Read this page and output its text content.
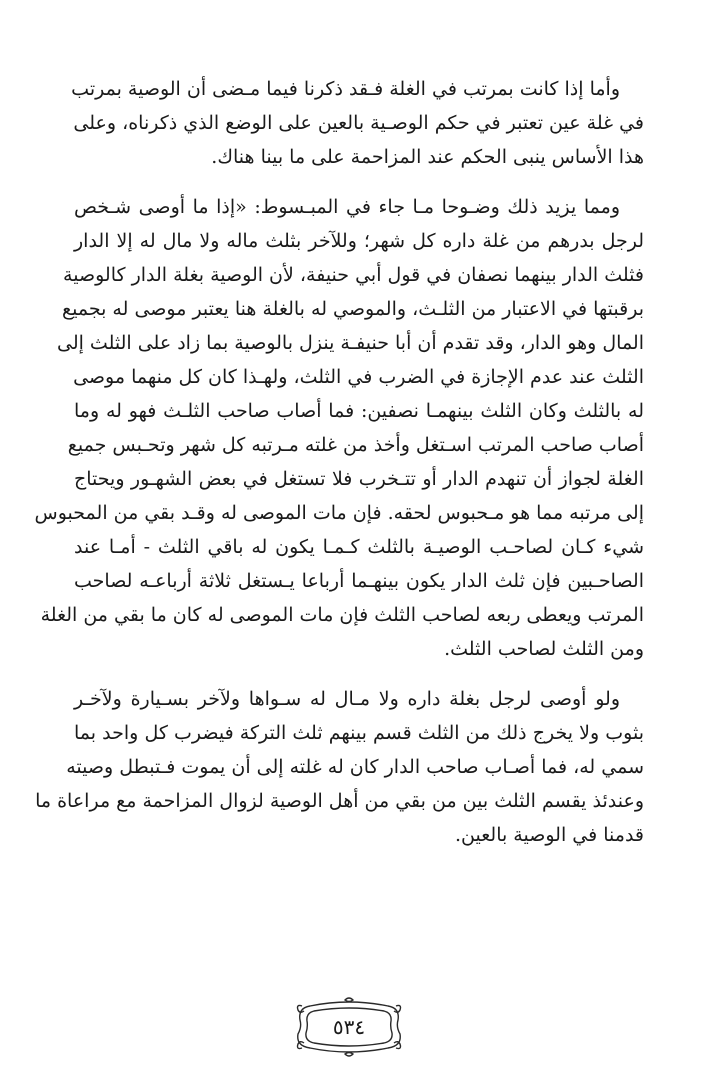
وأما إذا كانت بمرتب في الغلة فـقد ذكرنا فيما مـضى أن الوصية بمرتب
في غلة عين تعتبر في حكم الوصـية بالعين على الوضع الذي ذكرناه، وعلى
هذا الأساس ينبى الحكم عند المزاحمة على ما بينا هناك.
ومما يزيد ذلك وضـوحا مـا جاء في المبـسوط: «إذا ما أوصى شـخص
لرجل بدرهم من غلة داره كل شهر؛ وللآخر بثلث ماله ولا مال له إلا الدار
فثلث الدار بينهما نصفان في قول أبي حنيفة، لأن الوصية بغلة الدار كالوصية
برقبتها في الاعتبار من الثلـث، والموصي له بالغلة هنا يعتبر موصى له بجميع
المال وهو الدار، وقد تقدم أن أبا حنيفـة ينزل بالوصية بما زاد على الثلث إلى
الثلث عند عدم الإجازة في الضرب في الثلث، ولهـذا كان كل منهما موصى
له بالثلث وكان الثلث بينهمـا نصفين: فما أصاب صاحب الثلـث فهو له وما
أصاب صاحب المرتب اسـتغل وأخذ من غلته مـرتبه كل شهر وتحـبس جميع
الغلة لجواز أن تنهدم الدار أو تتـخرب فلا تستغل في بعض الشهـور ويحتاج
إلى مرتبه مما هو مـحبوس لحقه. فإن مات الموصى له وقـد بقي من المحبوس
شيء كـان لصاحـب الوصيـة بالثلث كـمـا يكون له باقي الثلث - أمـا عند
الصاحـبين فإن ثلث الدار يكون بينهـما أرباعا يـستغل ثلاثة أرباعـه لصاحب
المرتب ويعطى ربعه لصاحب الثلث فإن مات الموصى له كان ما بقي من الغلة
ومن الثلث لصاحب الثلث.
ولو أوصى لرجل بغلة داره ولا مـال له سـواها ولآخر بسـيارة ولآخـر
بثوب ولا يخرج ذلك من الثلث قسم بينهم ثلث التركة فيضرب كل واحد بما
سمي له، فما أصـاب صاحب الدار كان له غلته إلى أن يموت فـتبطل وصيته
وعندئذ يقسم الثلث بين من بقي من أهل الوصية لزوال المزاحمة مع مراعاة ما
قدمنا في الوصية بالعين.
٥٣٤
